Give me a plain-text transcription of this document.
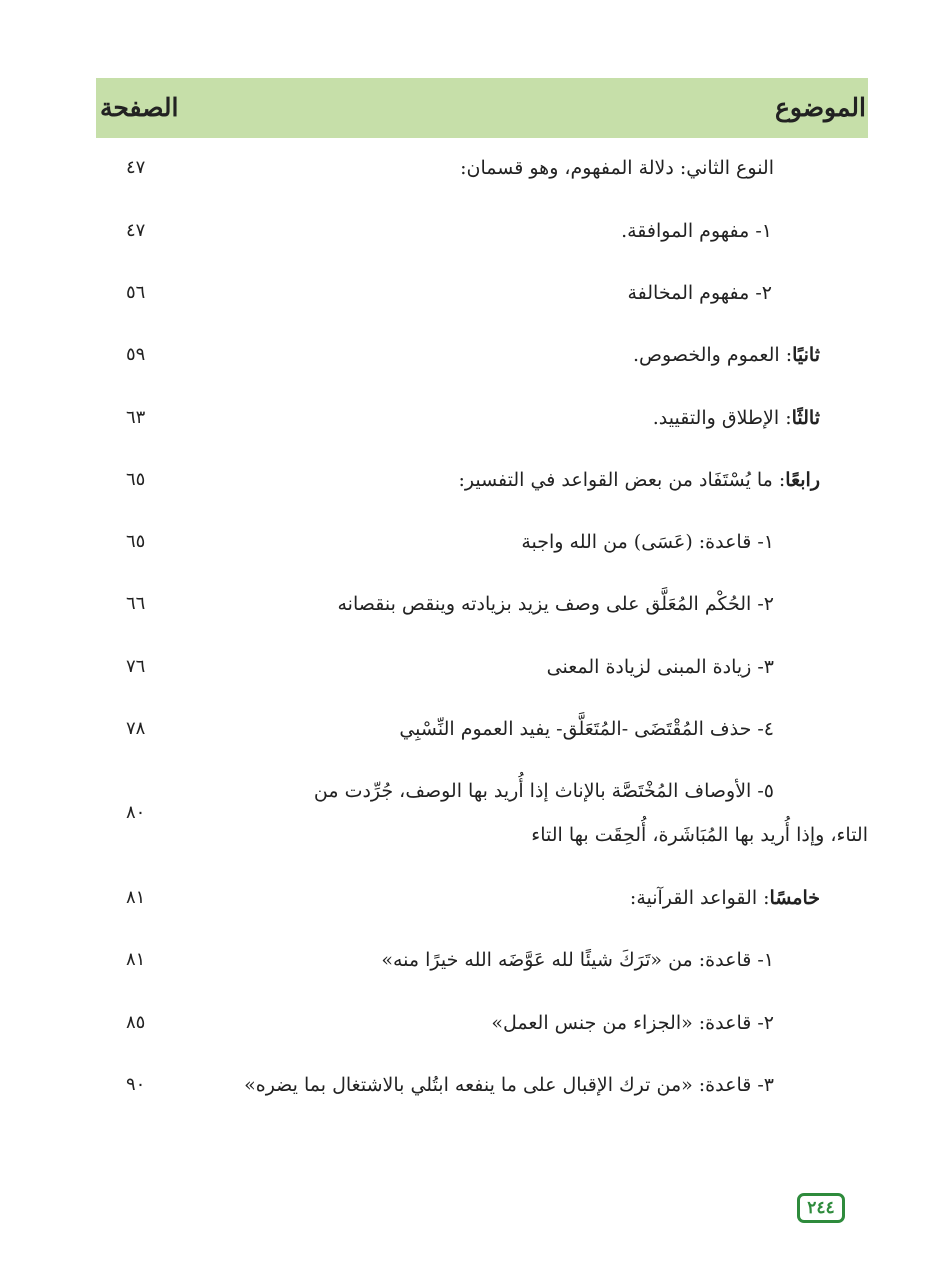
الموضوع
الصفحة
النوع الثاني: دلالة المفهوم، وهو قسمان:
٤٧
١- مفهوم الموافقة.
٤٧
٢- مفهوم المخالفة
٥٦
ثانيًا: العموم والخصوص.
٥٩
ثالثًا: الإطلاق والتقييد.
٦٣
رابعًا: ما يُسْتَفَاد من بعض القواعد في التفسير:
٦٥
١- قاعدة: (عَسَى) من الله واجبة
٦٥
٢- الحُكْم المُعَلَّق على وصف يزيد بزيادته وينقص بنقصانه
٦٦
٣- زيادة المبنى لزيادة المعنى
٧٦
٤- حذف المُقْتَضَى -المُتَعَلَّق- يفيد العموم النِّسْبِي
٧٨
٥- الأوصاف المُخْتَصَّة بالإناث إذا أُريد بها الوصف، جُرِّدت من
التاء، وإذا أُريد بها المُبَاشَرة، أُلحِقَت بها التاء
٨٠
خامسًا: القواعد القرآنية:
٨١
١- قاعدة: من «تَرَكَ شيئًا لله عَوَّضَه الله خيرًا منه»
٨١
٢- قاعدة: «الجزاء من جنس العمل»
٨٥
٣- قاعدة: «من ترك الإقبال على ما ينفعه ابتُلي بالاشتغال بما يضره»
٩٠
٢٤٤
